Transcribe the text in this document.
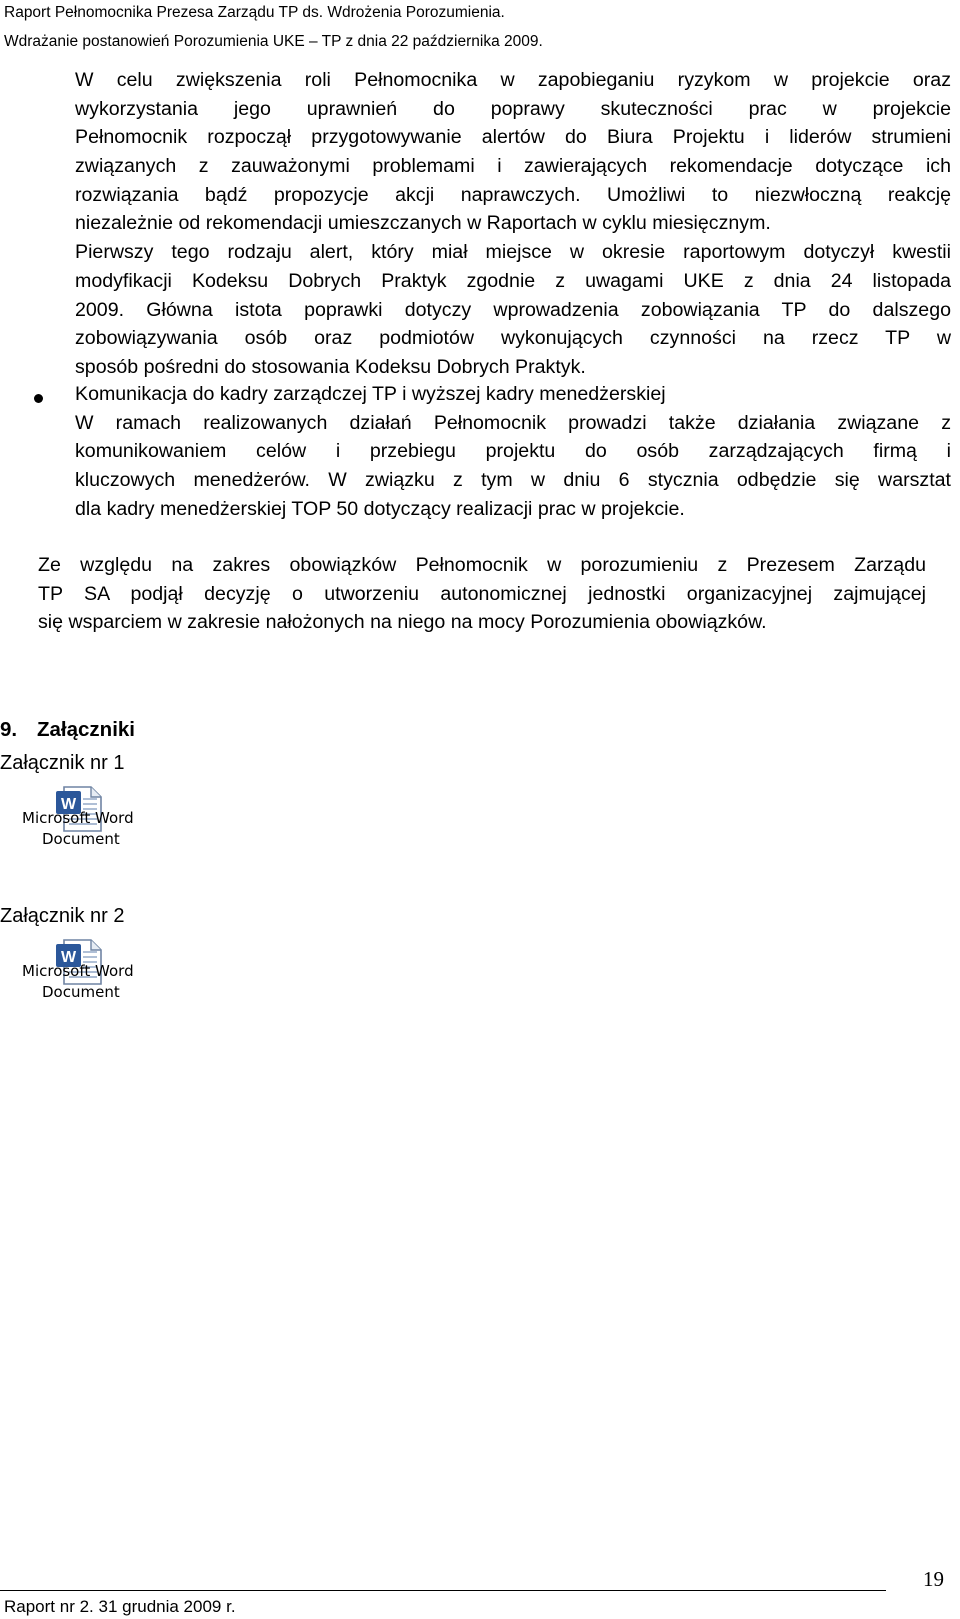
Raport Pełnomocnika Prezesa Zarządu TP ds. Wdrożenia Porozumienia.
Wdrażanie postanowień Porozumienia UKE – TP z dnia 22 października 2009.
W celu zwiększenia roli Pełnomocnika w zapobieganiu ryzykom w projekcie oraz
wykorzystania jego uprawnień do poprawy skuteczności prac w projekcie
Pełnomocnik rozpoczął przygotowywanie alertów do Biura Projektu i liderów strumieni
związanych z zauważonymi problemami i zawierających rekomendacje dotyczące ich
rozwiązania bądź propozycje akcji naprawczych. Umożliwi to niezwłoczną reakcję
niezależnie od rekomendacji umieszczanych w Raportach w cyklu miesięcznym.
Pierwszy tego rodzaju alert, który miał miejsce w okresie raportowym dotyczył kwestii
modyfikacji Kodeksu Dobrych Praktyk zgodnie z uwagami UKE z dnia 24 listopada
2009. Główna istota poprawki dotyczy wprowadzenia zobowiązania TP do dalszego
zobowiązywania osób oraz podmiotów wykonujących czynności na rzecz TP w
sposób pośredni do stosowania Kodeksu Dobrych Praktyk.
Komunikacja do kadry zarządczej TP i wyższej kadry menedżerskiej
W ramach realizowanych działań Pełnomocnik prowadzi także działania związane z
komunikowaniem celów i przebiegu projektu do osób zarządzających firmą i
kluczowych menedżerów. W związku z tym w dniu 6 stycznia odbędzie się warsztat
dla kadry menedżerskiej TOP 50 dotyczący realizacji prac w projekcie.
Ze względu na zakres obowiązków Pełnomocnik w porozumieniu z Prezesem Zarządu
TP SA podjął decyzję o utworzeniu autonomicznej jednostki organizacyjnej zajmującej
się wsparciem w zakresie nałożonych na niego na mocy Porozumienia obowiązków.
9. Załączniki
Załącznik nr 1
W
Microsoft Word
Document
Załącznik nr 2
W
Microsoft Word
Document
19
Raport nr 2. 31 grudnia 2009 r.
